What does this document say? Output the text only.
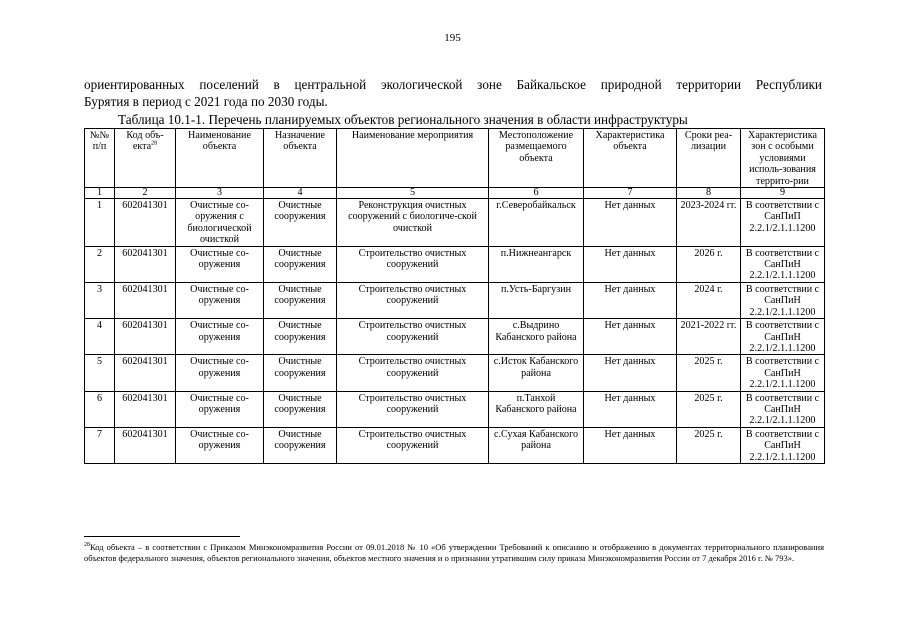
195
ориентированных поселений в центральной экологической зоне Байкальское природной территории Республики
Бурятия в период с 2021 года по 2030 годы.
Таблица 10.1-1. Перечень планируемых объектов регионального значения в области инфраструктуры
№№ п/п	Код объ-екта$^{28}$	Наименование объекта	Назначение объекта	Наименование мероприятия	Местоположение размещаемого объекта	Характеристика объекта	Сроки реа-лизации	Характеристика зон с особыми условиями исполь-зования террито-рии
1	2	3	4	5	6	7	8	9
1	602041301	Очистные со-оружения с биологической очисткой	Очистные сооружения	Реконструкция очистных сооружений с биологиче-ской очисткой	г.Северобайкальск	Нет данных	2023-2024 гг.	В соответствии с СанПиП 2.2.1/2.1.1.1200
2	602041301	Очистные со-оружения	Очистные сооружения	Строительство очистных сооружений	п.Нижнеангарск	Нет данных	2026 г.	В соответствии с СанПиН 2.2.1/2.1.1.1200
3	602041301	Очистные со-оружения	Очистные сооружения	Строительство очистных сооружений	п.Усть-Баргузин	Нет данных	2024 г.	В соответствии с СанПиН 2.2.1/2.1.1.1200
4	602041301	Очистные со-оружения	Очистные сооружения	Строительство очистных сооружений	с.Выдрино Кабанского района	Нет данных	2021-2022 гг.	В соответствии с СанПиН 2.2.1/2.1.1.1200
5	602041301	Очистные со-оружения	Очистные сооружения	Строительство очистных сооружений	с.Исток Кабанского района	Нет данных	2025 г.	В соответствии с СанПиН 2.2.1/2.1.1.1200
6	602041301	Очистные со-оружения	Очистные сооружения	Строительство очистных сооружений	п.Танхой Кабанского района	Нет данных	2025 г.	В соответствии с СанПиН 2.2.1/2.1.1.1200
7	602041301	Очистные со-оружения	Очистные сооружения	Строительство очистных сооружений	с.Сухая Кабанского района	Нет данных	2025 г.	В соответствии с СанПиН 2.2.1/2.1.1.1200
$^{28}$Код объекта – в соответствии с Приказом Минэкономразвития России от 09.01.2018 № 10 «Об утверждении Требований к описанию и отображению в документах территориального планирования объектов федерального значения, объектов регионального значения, объектов местного значения и о признании утратившим силу приказа Минэкономразвития России от 7 декабря 2016 г. № 793».
